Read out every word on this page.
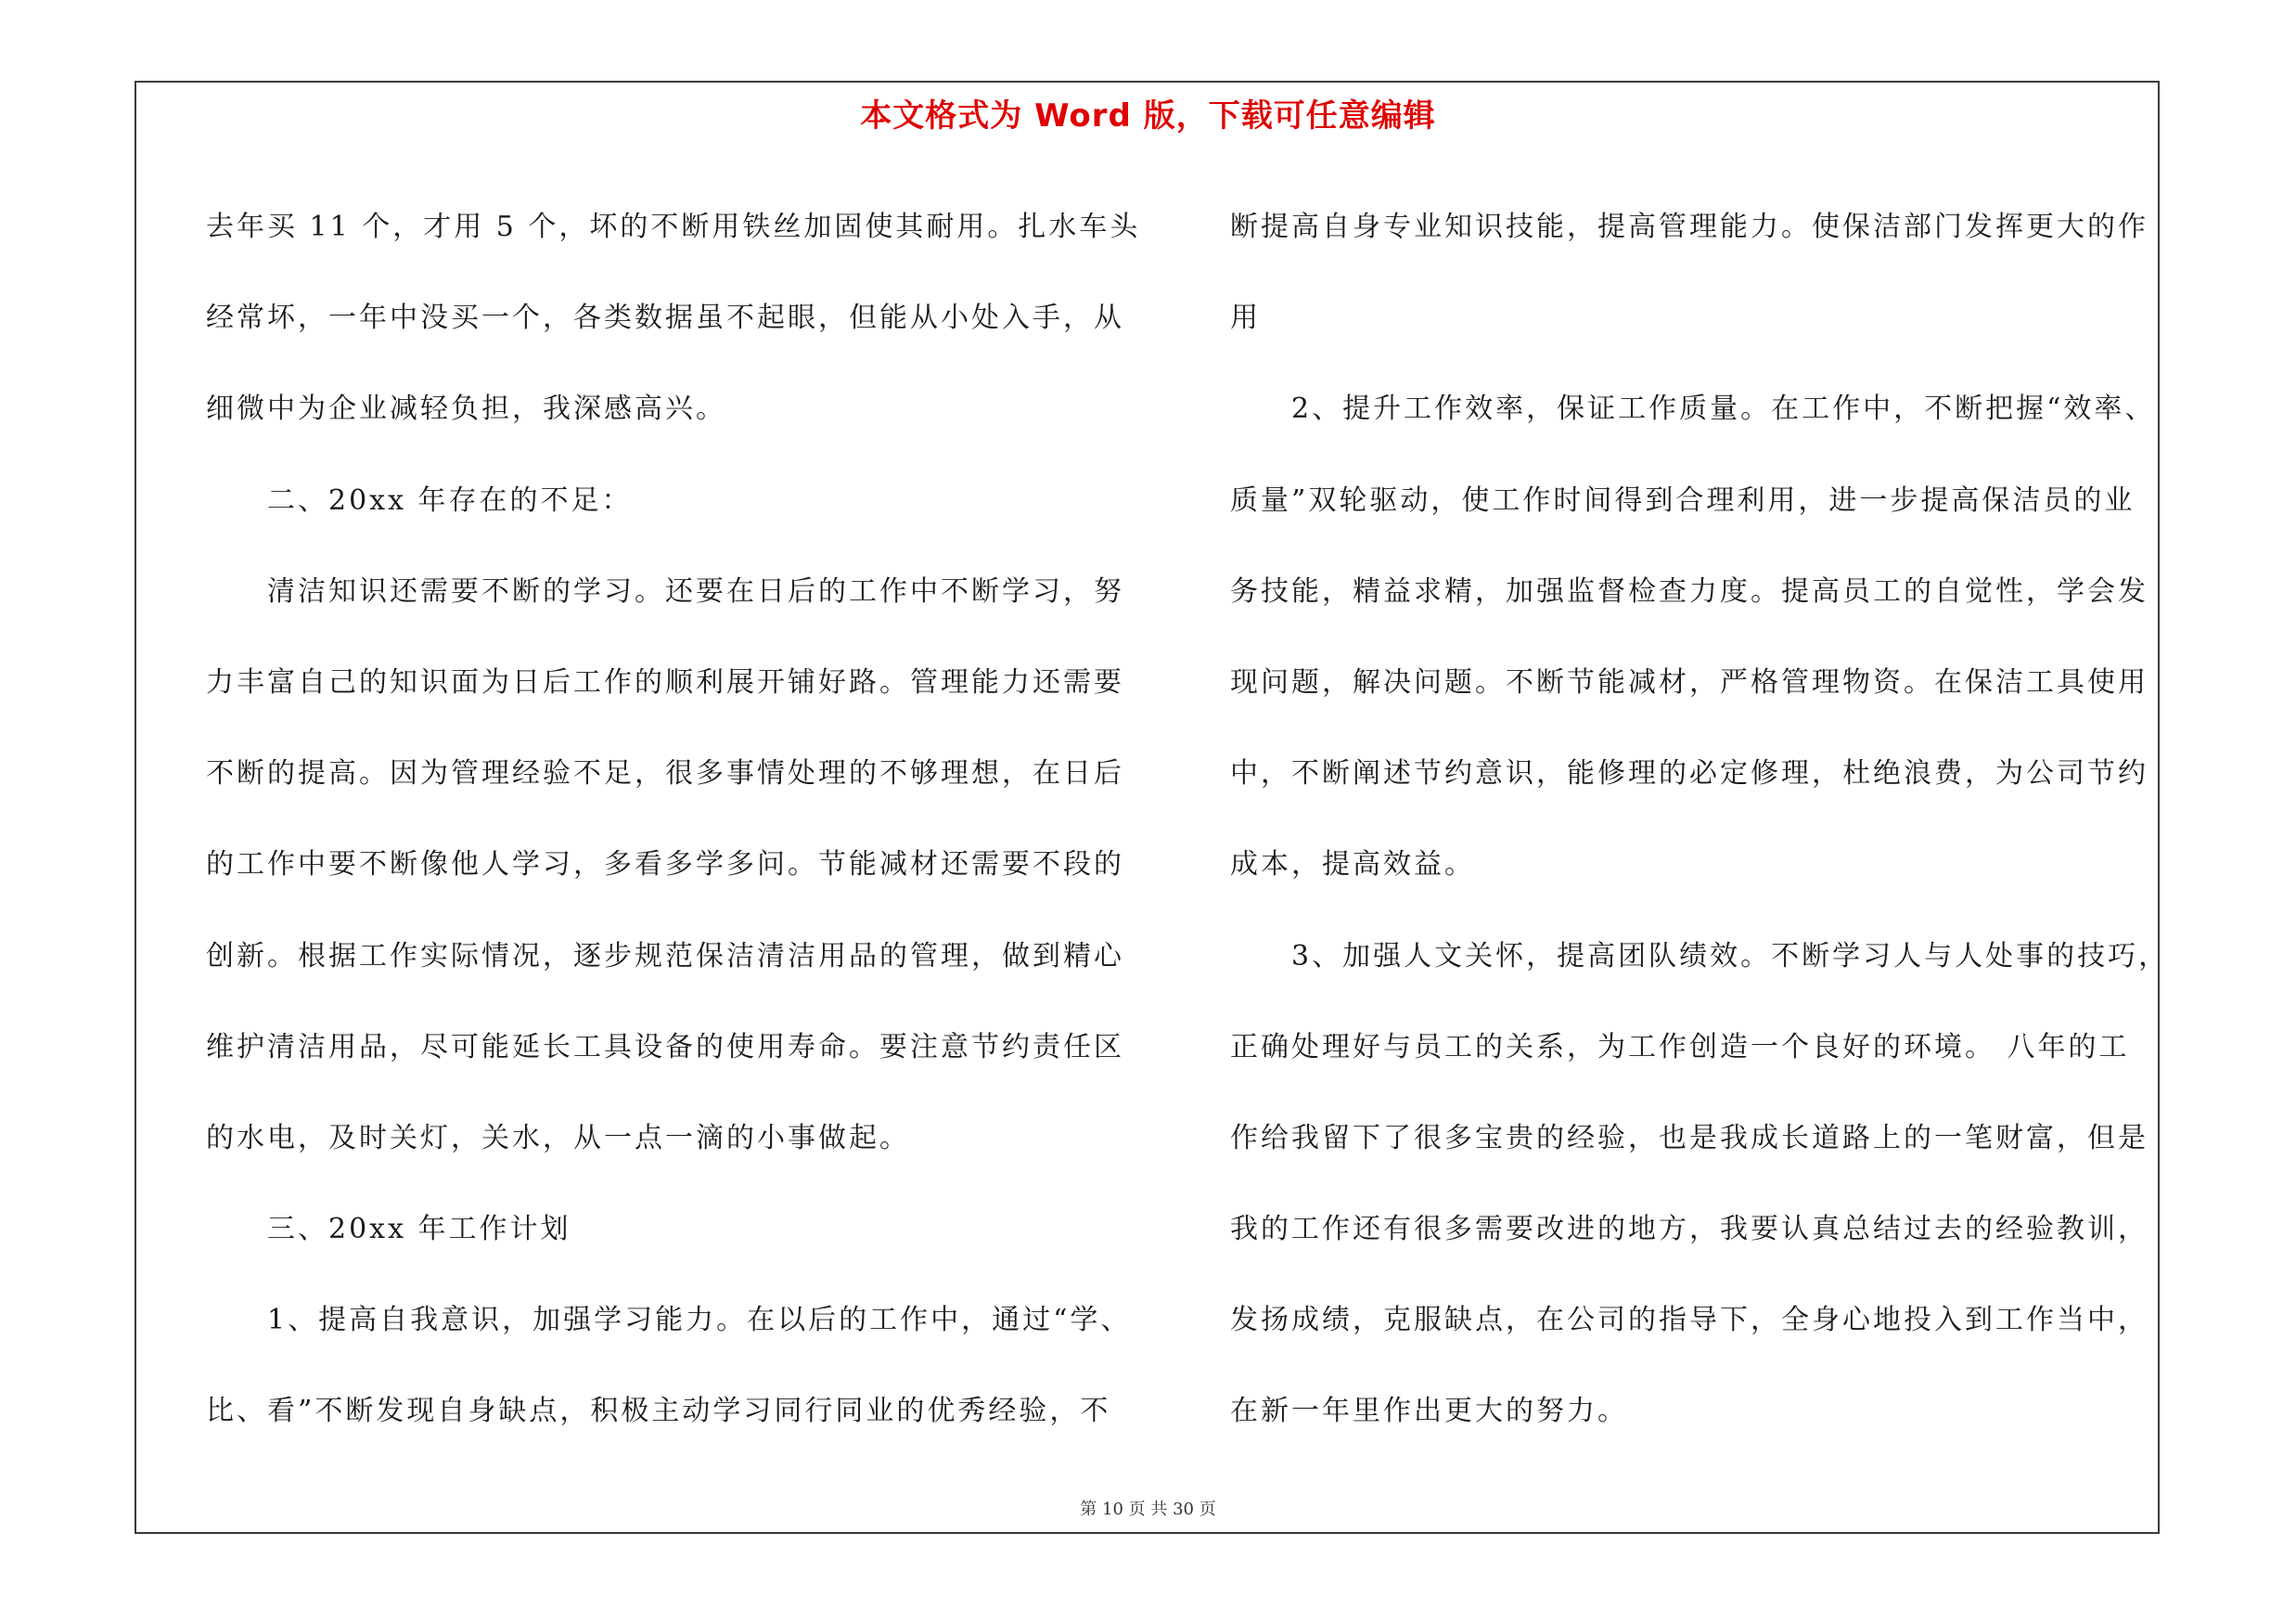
本文格式为 Word 版，下载可任意编辑
去年买 11 个，才用 5 个，坏的不断用铁丝加固使其耐用。扎水车头
经常坏，一年中没买一个，各类数据虽不起眼，但能从小处入手，从
细微中为企业减轻负担，我深感高兴。
　　二、20xx 年存在的不足：
　　清洁知识还需要不断的学习。还要在日后的工作中不断学习，努
力丰富自己的知识面为日后工作的顺利展开铺好路。管理能力还需要
不断的提高。因为管理经验不足，很多事情处理的不够理想，在日后
的工作中要不断像他人学习，多看多学多问。节能减材还需要不段的
创新。根据工作实际情况，逐步规范保洁清洁用品的管理，做到精心
维护清洁用品，尽可能延长工具设备的使用寿命。要注意节约责任区
的水电，及时关灯，关水，从一点一滴的小事做起。
　　三、20xx 年工作计划
　　1、提高自我意识，加强学习能力。在以后的工作中，通过“学、
比、看”不断发现自身缺点，积极主动学习同行同业的优秀经验，不
断提高自身专业知识技能，提高管理能力。使保洁部门发挥更大的作
用
　　2、提升工作效率，保证工作质量。在工作中，不断把握“效率、
质量”双轮驱动，使工作时间得到合理利用，进一步提高保洁员的业
务技能，精益求精，加强监督检查力度。提高员工的自觉性，学会发
现问题，解决问题。不断节能减材，严格管理物资。在保洁工具使用
中，不断阐述节约意识，能修理的必定修理，杜绝浪费，为公司节约
成本，提高效益。
　　3、加强人文关怀，提高团队绩效。不断学习人与人处事的技巧，
正确处理好与员工的关系，为工作创造一个良好的环境。 八年的工
作给我留下了很多宝贵的经验，也是我成长道路上的一笔财富，但是
我的工作还有很多需要改进的地方，我要认真总结过去的经验教训，
发扬成绩，克服缺点，在公司的指导下，全身心地投入到工作当中，
在新一年里作出更大的努力。
第 10 页 共 30 页
